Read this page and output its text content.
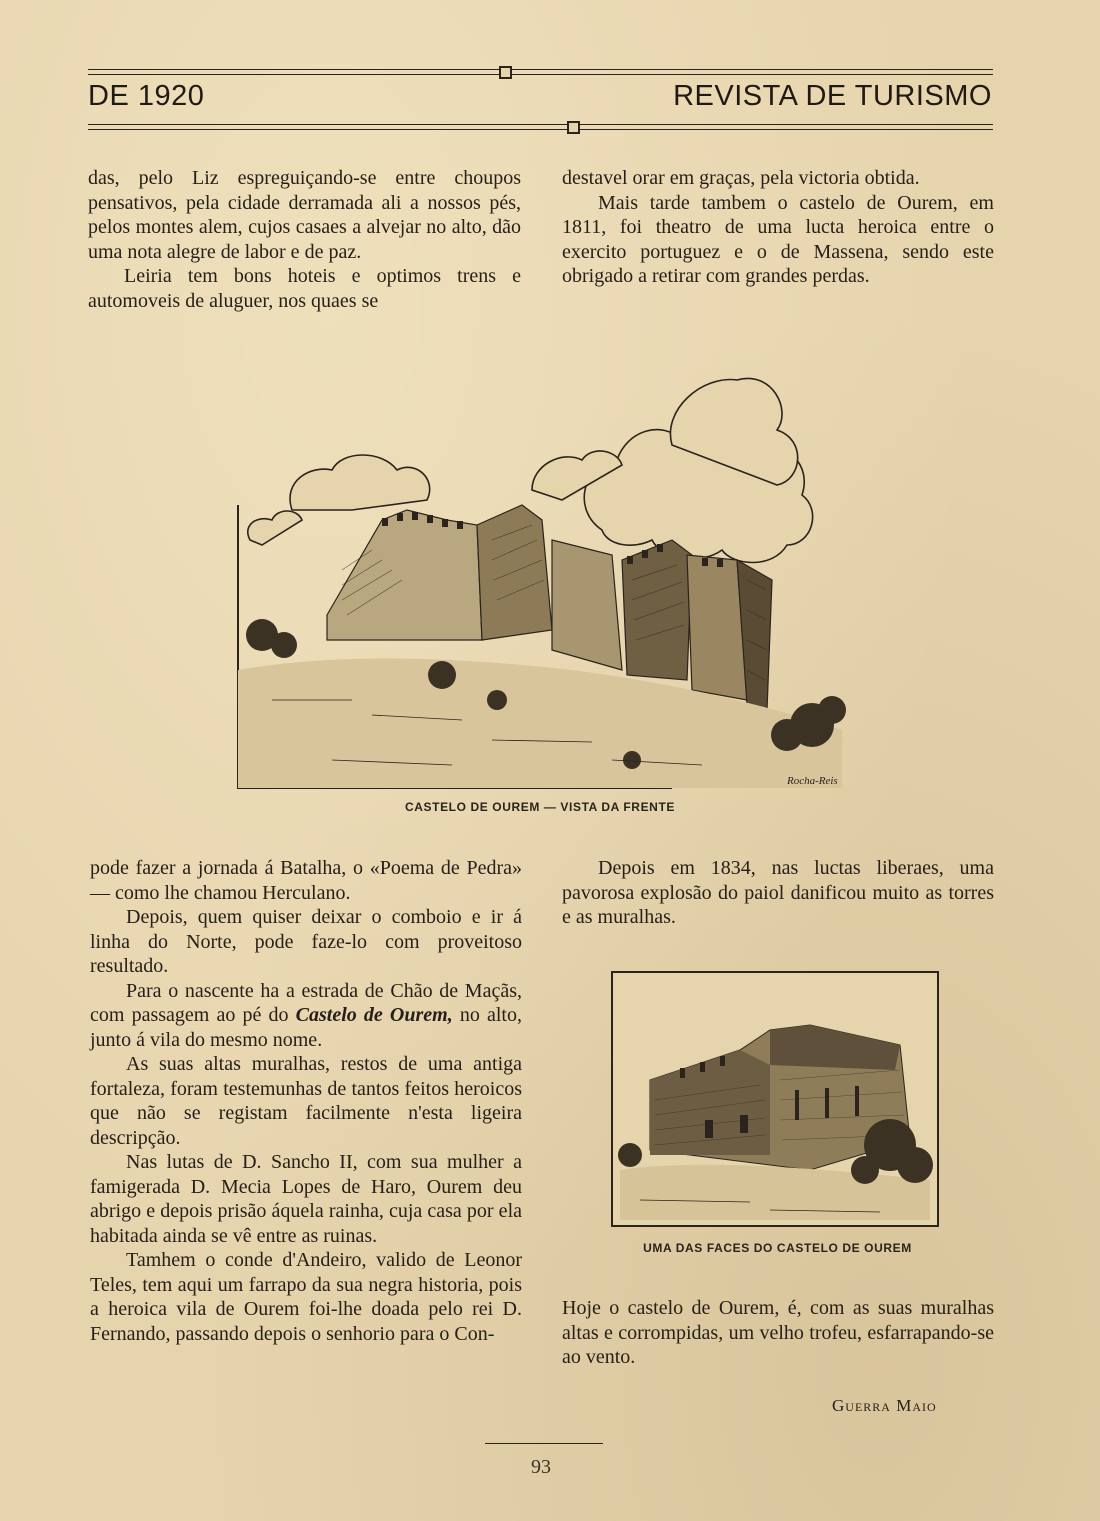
DE 1920	REVISTA DE TURISMO

das, pelo Liz espreguiçando-se entre choupos pensativos, pela cidade derramada ali a nossos pés, pelos montes alem, cujos casaes a alvejar no alto, dão uma nota alegre de labor e de paz.

Leiria tem bons hoteis e optimos trens e automoveis de aluguer, nos quaes se

destavel orar em graças, pela victoria obtida.

Mais tarde tambem o castelo de Ourem, em 1811, foi theatro de uma lucta heroica entre o exercito portuguez e o de Massena, sendo este obrigado a retirar com grandes perdas.

Rocha-Reis
CASTELO DE OUREM — VISTA DA FRENTE

pode fazer a jornada á Batalha, o «Poema de Pedra» — como lhe chamou Herculano.

Depois, quem quiser deixar o comboio e ir á linha do Norte, pode faze-lo com proveitoso resultado.

Para o nascente ha a estrada de Chão de Maçãs, com passagem ao pé do Castelo de Ourem, no alto, junto á vila do mesmo nome.

As suas altas muralhas, restos de uma antiga fortaleza, foram testemunhas de tantos feitos heroicos que não se registam facilmente n'esta ligeira descripção.

Nas lutas de D. Sancho II, com sua mulher a famigerada D. Mecia Lopes de Haro, Ourem deu abrigo e depois prisão áquela rainha, cuja casa por ela habitada ainda se vê entre as ruinas.

Tamhem o conde d'Andeiro, valido de Leonor Teles, tem aqui um farrapo da sua negra historia, pois a heroica vila de Ourem foi-lhe doada pelo rei D. Fernando, passando depois o senhorio para o Con-

Depois em 1834, nas luctas liberaes, uma pavorosa explosão do paiol danificou muito as torres e as muralhas.

UMA DAS FACES DO CASTELO DE OUREM

Hoje o castelo de Ourem, é, com as suas muralhas altas e corrompidas, um velho trofeu, esfarrapando-se ao vento.

Guerra Maio
93
